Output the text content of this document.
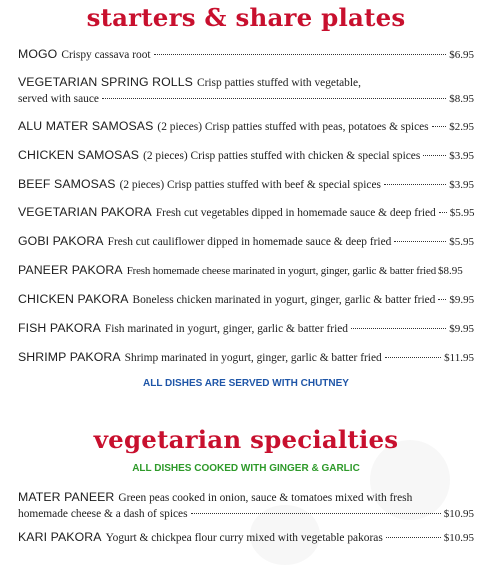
starters & share plates
MOGO Crispy cassava root	$6.95
VEGETARIAN SPRING ROLLS Crisp patties stuffed with vegetable,
served with sauce	$8.95
ALU MATER SAMOSAS (2 pieces) Crisp patties stuffed with peas, potatoes & spices $2.95
CHICKEN SAMOSAS (2 pieces) Crisp patties stuffed with chicken & special spices	$3.95
BEEF SAMOSAS (2 pieces) Crisp patties stuffed with beef & special spices	$3.95
VEGETARIAN PAKORA Fresh cut vegetables dipped in homemade sauce & deep fried $5.95
GOBI PAKORA Fresh cut cauliflower dipped in homemade sauce & deep fried	$5.95
PANEER PAKORA Fresh homemade cheese marinated in yogurt, ginger, garlic & batter fried $8.95
CHICKEN PAKORA Boneless chicken marinated in yogurt, ginger, garlic & batter fried $9.95
FISH PAKORA Fish marinated in yogurt, ginger, garlic & batter fried	$9.95
SHRIMP PAKORA Shrimp marinated in yogurt, ginger, garlic & batter fried	$11.95
ALL DISHES ARE SERVED WITH CHUTNEY
vegetarian specialties
ALL DISHES COOKED WITH GINGER & GARLIC
MATER PANEER Green peas cooked in onion, sauce & tomatoes mixed with fresh
homemade cheese & a dash of spices	$10.95
KARI PAKORA Yogurt & chickpea flour curry mixed with vegetable pakoras	$10.95
